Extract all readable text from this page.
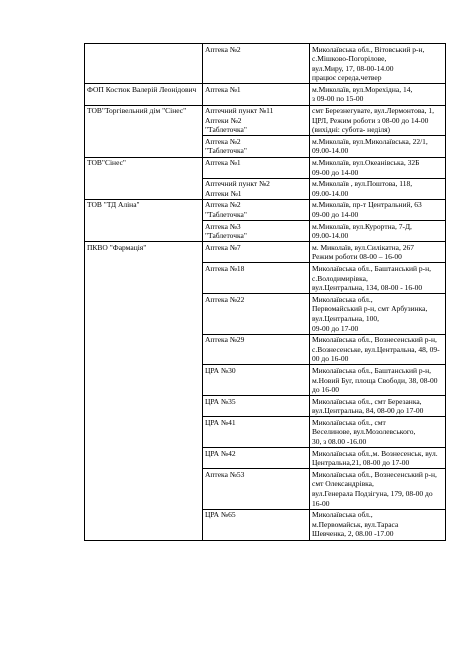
	Аптека №2	Миколаївська обл., Вітовський р-н, с.Мішково-Погорілове,
вул.Миру, 17, 08-00-14.00
працює середа,четвер
ФОП Костюк Валерій Леонідович	Аптека №1	м.Миколаїв, вул.Морехідна, 14,
з 09-00 по 15-00
ТОВ"Торгівельний дім "Сінес"	Аптечний пункт №11
Аптеки №2
"Таблеточка"	смт Березнегувате, вул.Лермонтова, 1, ЦРЛ, Режим роботи з 08-00 до 14-00 (вихідні: субота- неділя)
	Аптека №2
"Таблеточка"	м.Миколаїв, вул.Миколаївська, 22/1, 09.00-14.00
ТОВ"Сінес"	Аптека №1	м.Миколаїв, вул.Океанівська, 32Б
09-00 до 14-00
	Аптечний пункт №2
Аптеки №1	м.Миколаїв , вул.Поштова, 118,
09.00-14.00
ТОВ "ТД Аліна"	Аптека №2
"Таблеточка"	м.Миколаїв, пр-т Центральний, 63
09-00 до 14-00
	Аптека №3
"Таблеточка"	м.Миколаїв, вул.Курортна, 7-Д,
09.00-14.00
ПКВО "Фармація"	Аптека №7	м. Миколаїв, вул.Силікатна, 267
Режим роботи 08-00 – 16-00
	Аптека №18	Миколаївська обл., Баштанський р-н, с.Володимирівка,
вул.Центральна, 134, 08-00 - 16-00
	Аптека №22	Миколаївська обл.,
Первомайський р-н, смт Арбузинка, вул.Центральна, 100,
09-00 до 17-00
	Аптека №29	Миколаївська обл., Вознесенський р-н, с.Вознесенське, вул.Центральна, 48, 09-00 до 16-00
	ЦРА №30	Миколаївська обл., Баштанський р-н, м.Новий Буг, площа Свободи, 38, 08-00 до 16-00
	ЦРА №35	Миколаївська обл., смт Березанка, вул.Центральна, 84, 08-00 до 17-00
	ЦРА №41	Миколаївська обл., смт
Веселинове, вул.Мозолевського,
30, з 08.00 -16.00
	ЦРА №42	Миколаївська обл.,м. Вознесенськ, вул. Центральна,21, 08-00 до 17-00
	Аптека №53	Миколаївська обл., Вознесенський р-н, смт Олександрівка,
вул.Генерала Подзігуна, 179, 08-00 до 16-00
	ЦРА №65	Миколаївська обл.,
м.Первомайськ, вул.Тараса
Шевченка, 2, 08.00 -17.00
